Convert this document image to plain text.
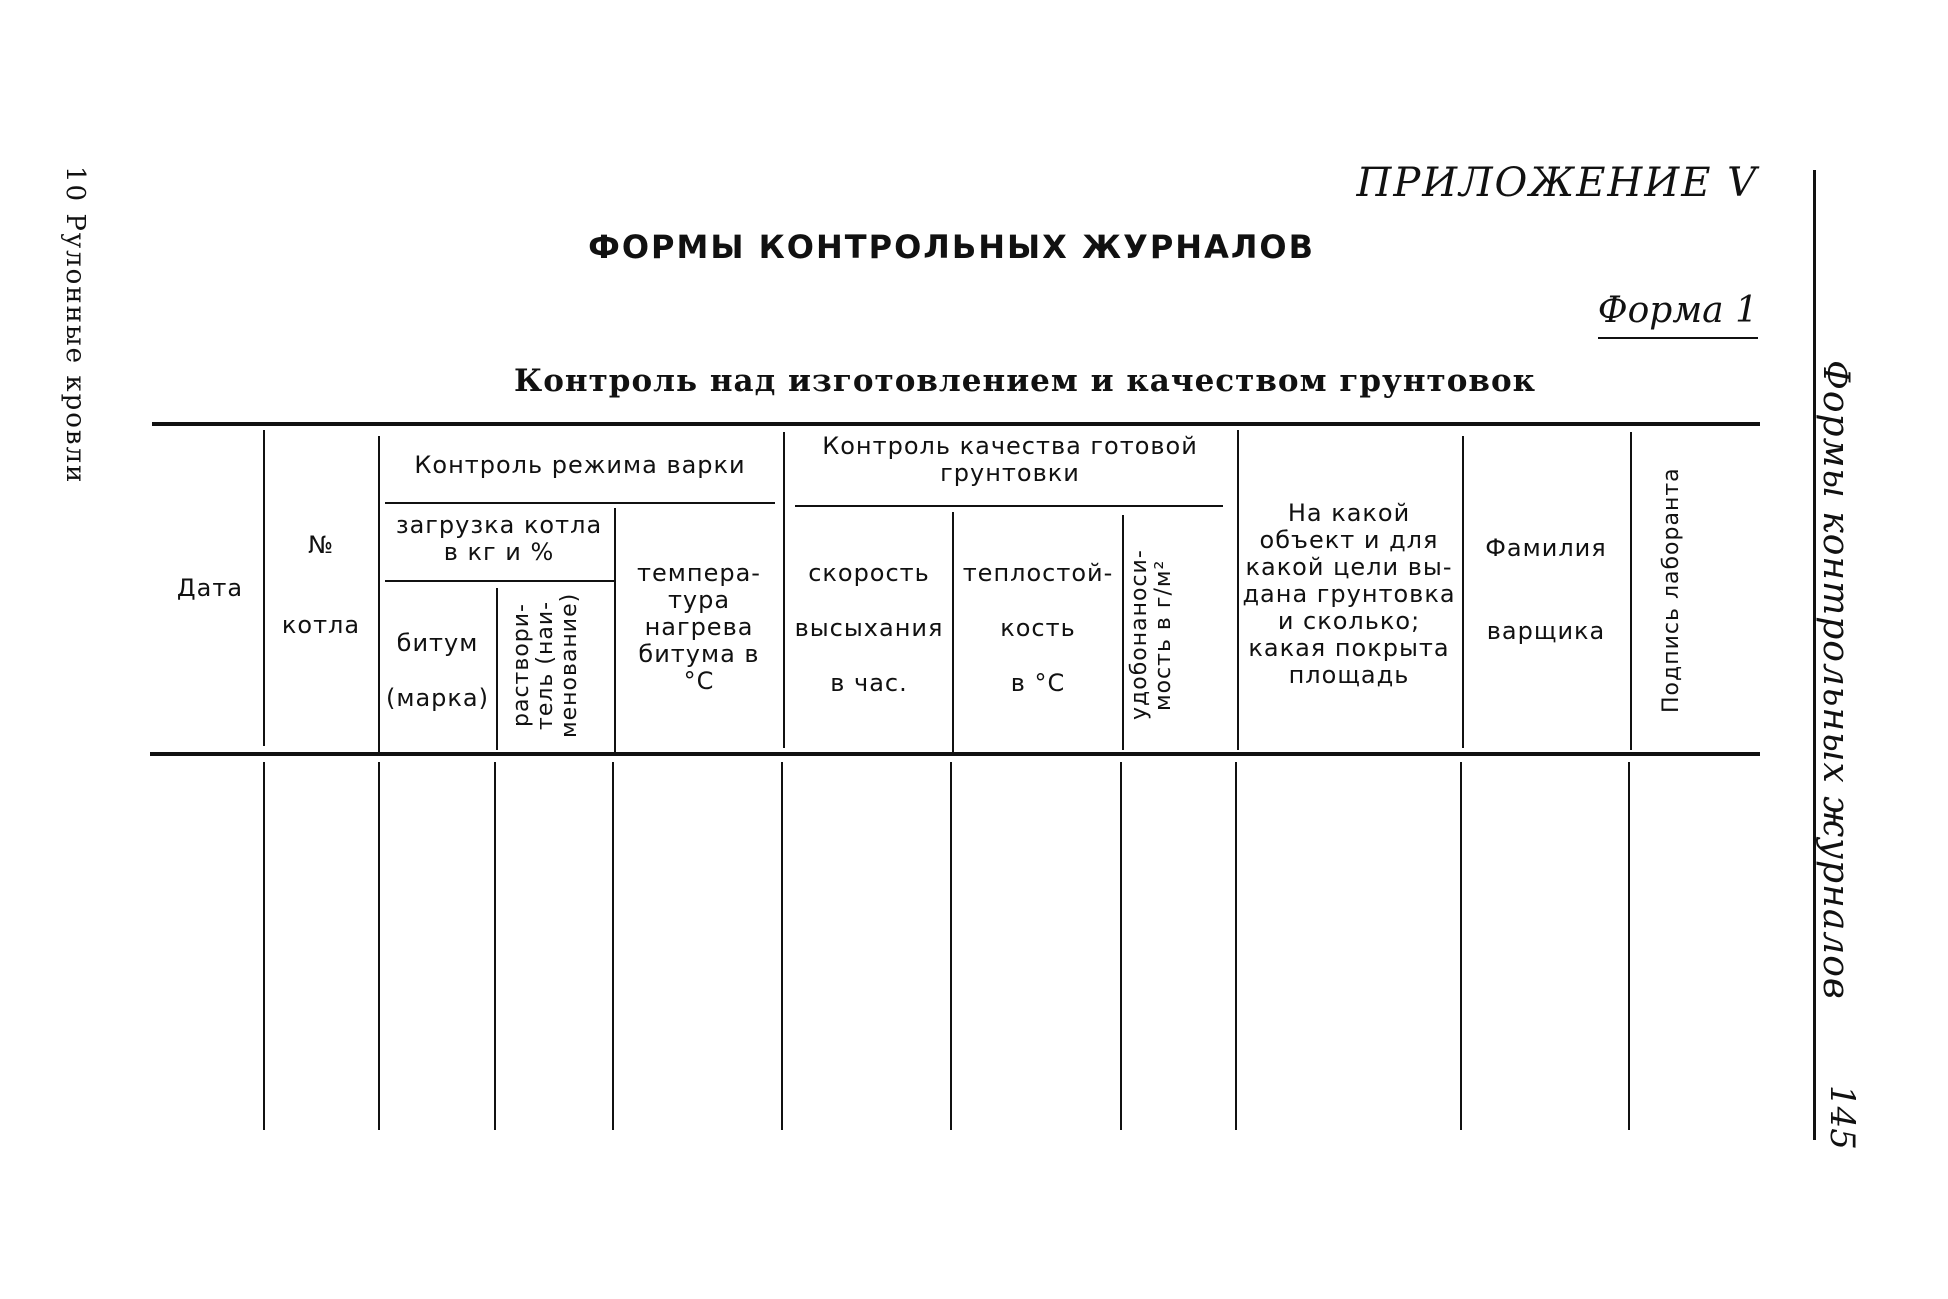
10 Рулонные кровли
Формы контрольных журналов
145
ПРИЛОЖЕНИЕ V
ФОРМЫ КОНТРОЛЬНЫХ ЖУРНАЛОВ
Форма 1
Контроль над изготовлением и качеством грунтовок
Дата
№
котла
Контроль режима варки
загрузка котла в кг и %
битум
(марка) раствори-тель (наи-менование)
темпера-тура нагрева битума в °С
Контроль качества готовой грунтовки
скорость
высыхания
в час.
теплостой-
кость
в °С	удобонаноси-мость в г/м²
На какой объект и для какой цели вы-дана грунтовка и сколько; какая покрыта площадь
Фамилия
варщика	Подпись лаборанта
